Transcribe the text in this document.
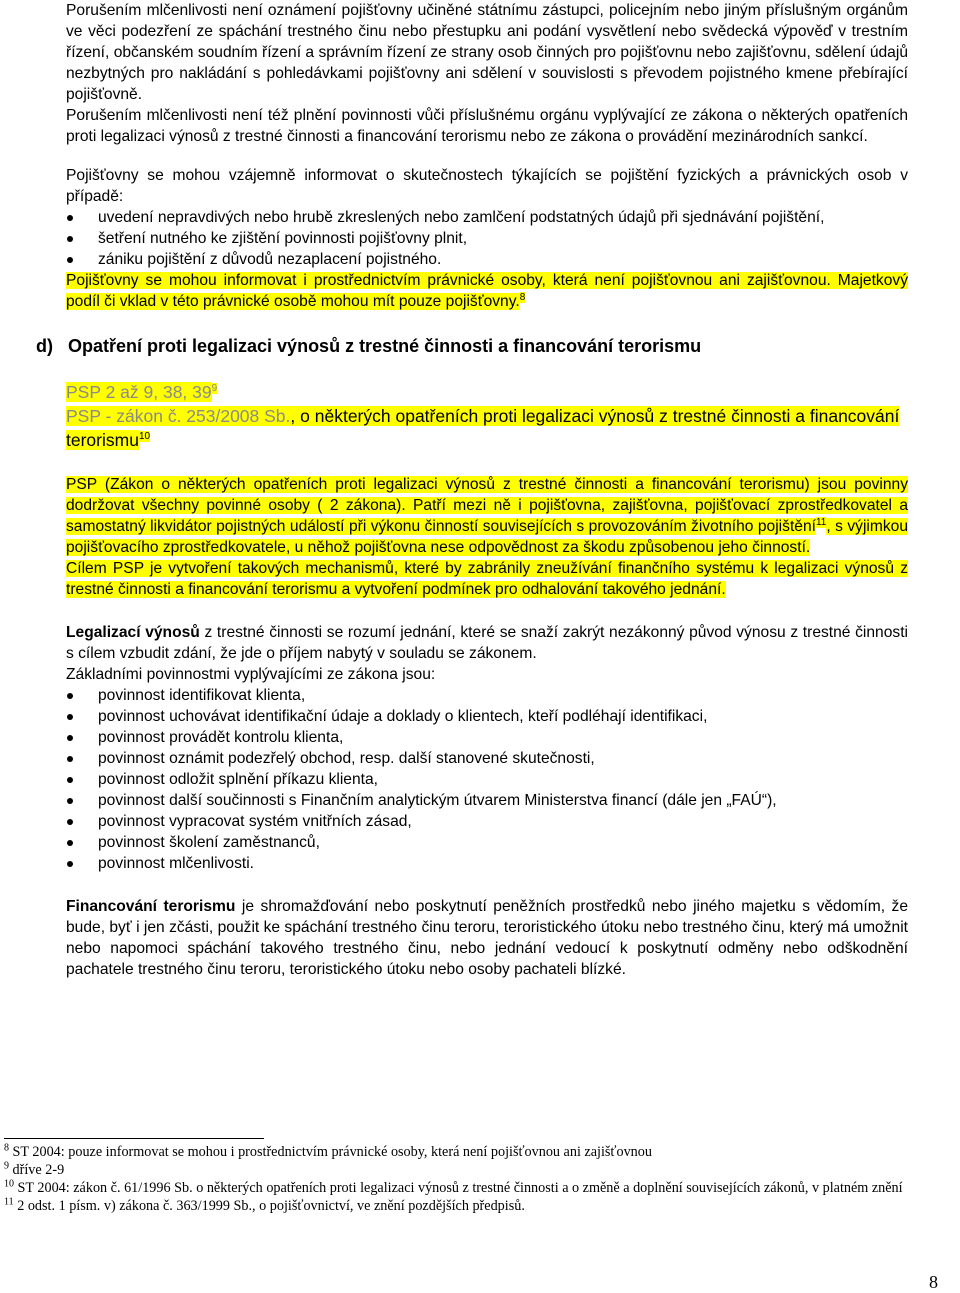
Porušením mlčenlivosti není oznámení pojišťovny učiněné státnímu zástupci, policejním nebo jiným příslušným orgánům ve věci podezření ze spáchání trestného činu nebo přestupku ani podání vysvětlení nebo svědecká výpověď v trestním řízení, občanském soudním řízení a správním řízení ze strany osob činných pro pojišťovnu nebo zajišťovnu, sdělení údajů nezbytných pro nakládání s pohledávkami pojišťovny ani sdělení v souvislosti s převodem pojistného kmene přebírající pojišťovně.

Porušením mlčenlivosti není též plnění povinnosti vůči příslušnému orgánu vyplývající ze zákona o některých opatřeních proti legalizaci výnosů z trestné činnosti a financování terorismu nebo ze zákona o provádění mezinárodních sankcí.

Pojišťovny se mohou vzájemně informovat o skutečnostech týkajících se pojištění fyzických a právnických osob v případě:

uvedení nepravdivých nebo hrubě zkreslených nebo zamlčení podstatných údajů při sjednávání pojištění,
šetření nutného ke zjištění povinnosti pojišťovny plnit,
zániku pojištění z důvodů nezaplacení pojistného.

Pojišťovny se mohou informovat i prostřednictvím právnické osoby, která není pojišťovnou ani zajišťovnou. Majetkový podíl či vklad v této právnické osobě mohou mít pouze pojišťovny.$^8$

d) Opatření proti legalizaci výnosů z trestné činnosti a financování terorismu

PSP 2 až 9, 38, $39^9$

PSP - zákon č. 253/2008 Sb., o některých opatřeních proti legalizaci výnosů z trestné činnosti a financování terorismu$^{10}$

PSP (Zákon o některých opatřeních proti legalizaci výnosů z trestné činnosti a financování terorismu) jsou povinny dodržovat všechny povinné osoby ( 2 zákona). Patří mezi ně i pojišťovna, zajišťovna, pojišťovací zprostředkovatel a samostatný likvidátor pojistných událostí při výkonu činností souvisejících s provozováním životního pojištění$^{11}$, s výjimkou pojišťovacího zprostředkovatele, u něhož pojišťovna nese odpovědnost za škodu způsobenou jeho činností.

Cílem PSP je vytvoření takových mechanismů, které by zabránily zneužívání finančního systému k legalizaci výnosů z trestné činnosti a financování terorismu a vytvoření podmínek pro odhalování takového jednání.

Legalizací výnosů z trestné činnosti se rozumí jednání, které se snaží zakrýt nezákonný původ výnosu z trestné činnosti s cílem vzbudit zdání, že jde o příjem nabytý v souladu se zákonem.

Základními povinnostmi vyplývajícími ze zákona jsou:

povinnost identifikovat klienta,
povinnost uchovávat identifikační údaje a doklady o klientech, kteří podléhají identifikaci,
povinnost provádět kontrolu klienta,
povinnost oznámit podezřelý obchod, resp. další stanovené skutečnosti,
povinnost odložit splnění příkazu klienta,
povinnost další součinnosti s Finančním analytickým útvarem Ministerstva financí (dále jen „FAÚ“),
povinnost vypracovat systém vnitřních zásad,
povinnost školení zaměstnanců,
povinnost mlčenlivosti.

Financování terorismu je shromažďování nebo poskytnutí peněžních prostředků nebo jiného majetku s vědomím, že bude, byť i jen zčásti, použit ke spáchání trestného činu teroru, teroristického útoku nebo trestného činu, který má umožnit nebo napomoci spáchání takového trestného činu, nebo jednání vedoucí k poskytnutí odměny nebo odškodnění pachatele trestného činu teroru, teroristického útoku nebo osoby pachateli blízké.

$^8$ ST 2004: pouze informovat se mohou i prostřednictvím právnické osoby, která není pojišťovnou ani zajišťovnou

$^9$ dříve 2-9

$^{10}$ ST 2004: zákon č. 61/1996 Sb. o některých opatřeních proti legalizaci výnosů z trestné činnosti a o změně a doplnění souvisejících zákonů, v platném znění

$^{11}$ 2 odst. 1 písm. v) zákona č. 363/1999 Sb., o pojišťovnictví, ve znění pozdějších předpisů.

8
